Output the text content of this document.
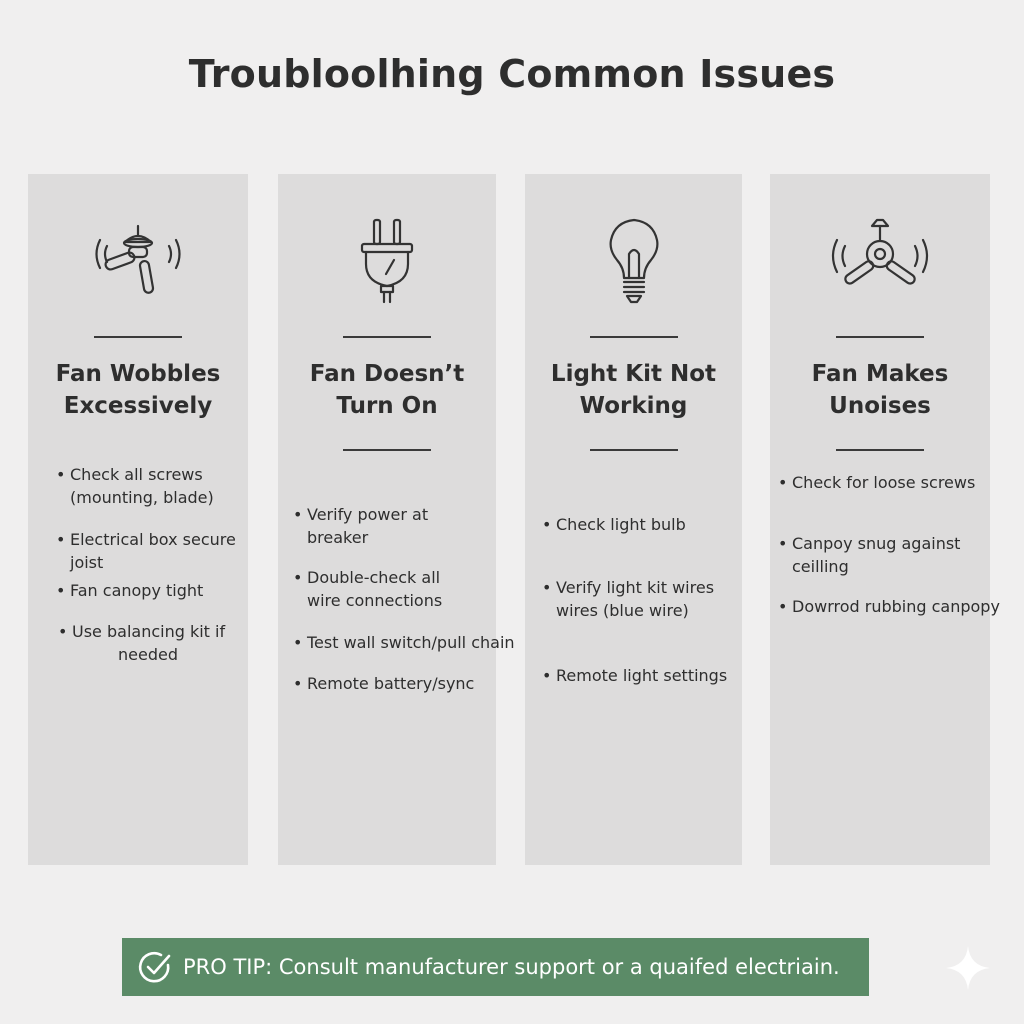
Troubloolhing Common Issues
Fan Wobbles
Excessively
• Check all screws
(mounting, blade)
• Electrical box secure
joist
• Fan canopy tight
• Use balancing kit if
needed
Fan Doesn’t
Turn On
• Verify power at
breaker
• Double-check all
wire connections
• Test wall switch/pull chain
• Remote battery/sync
Light Kit Not
Working
• Check light bulb
• Verify light kit wires
wires (blue wire)
• Remote light settings
Fan Makes
Unoises
• Check for loose screws
• Canpoy snug against
ceilling
• Dowrrod rubbing canpopy
PRO TIP: Consult manufacturer support or a quaifed electriain.
